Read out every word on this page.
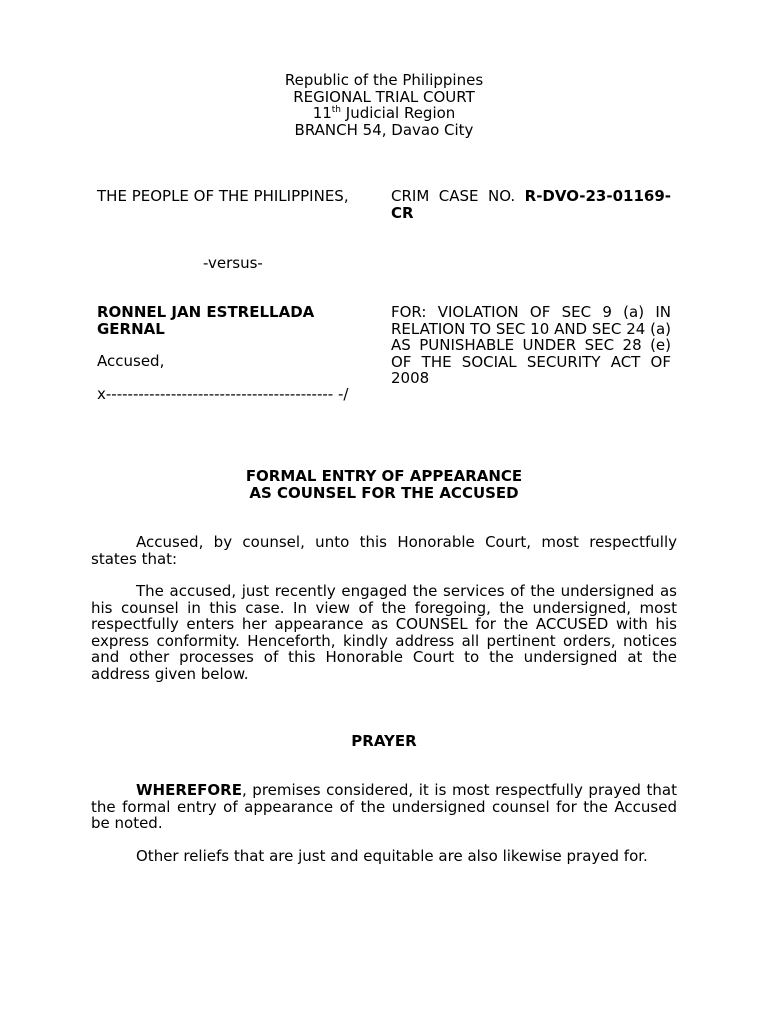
Republic of the Philippines
REGIONAL TRIAL COURT
11th Judicial Region
BRANCH 54, Davao City
THE PEOPLE OF THE PHILIPPINES,	CRIM CASE NO. R-DVO-23-01169-CR
-versus-
RONNEL JAN ESTRELLADA GERNAL
Accused,
FOR: VIOLATION OF SEC 9 (a) IN RELATION TO SEC 10 AND SEC 24 (a) AS PUNISHABLE UNDER SEC 28 (e) OF THE SOCIAL SECURITY ACT OF 2008
x------------------------------------------ -/
FORMAL ENTRY OF APPEARANCE
AS COUNSEL FOR THE ACCUSED
Accused, by counsel, unto this Honorable Court, most respectfully states that:
The accused, just recently engaged the services of the undersigned as his counsel in this case. In view of the foregoing, the undersigned, most respectfully enters her appearance as COUNSEL for the ACCUSED with his express conformity. Henceforth, kindly address all pertinent orders, notices and other processes of this Honorable Court to the undersigned at the address given below.
PRAYER
WHEREFORE, premises considered, it is most respectfully prayed that the formal entry of appearance of the undersigned counsel for the Accused be noted.
Other reliefs that are just and equitable are also likewise prayed for.
